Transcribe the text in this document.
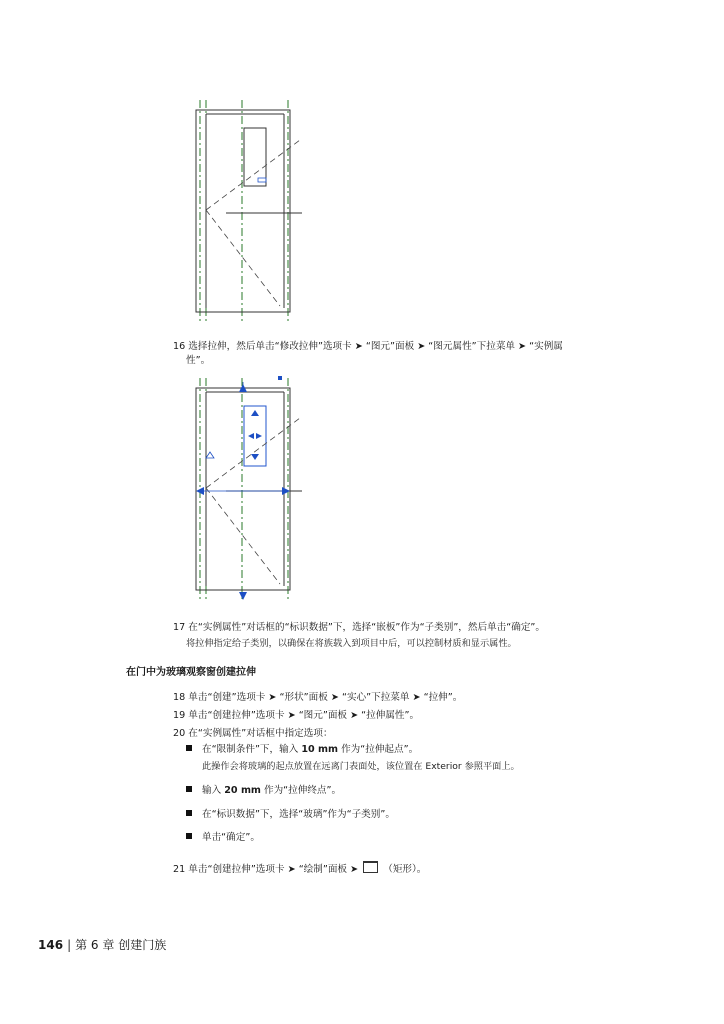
16 选择拉伸，然后单击“修改拉伸”选项卡 ➤ “图元”面板 ➤ “图元属性”下拉菜单 ➤ “实例属
性”。
17 在“实例属性”对话框的“标识数据”下，选择“嵌板”作为“子类别”，然后单击“确定”。
将拉伸指定给子类别，以确保在将族载入到项目中后，可以控制材质和显示属性。
在门中为玻璃观察窗创建拉伸
18 单击“创建”选项卡 ➤ “形状”面板 ➤ “实心”下拉菜单 ➤ “拉伸”。
19 单击“创建拉伸”选项卡 ➤ “图元”面板 ➤ “拉伸属性”。
20 在“实例属性”对话框中指定选项：
在“限制条件”下，输入 10 mm 作为“拉伸起点”。
此操作会将玻璃的起点放置在远离门表面处，该位置在 Exterior 参照平面上。
输入 20 mm 作为“拉伸终点”。
在“标识数据”下，选择“玻璃”作为“子类别”。
单击“确定”。
21 单击“创建拉伸”选项卡 ➤ “绘制”面板 ➤	（矩形）。
146 | 第 6 章 创建门族
